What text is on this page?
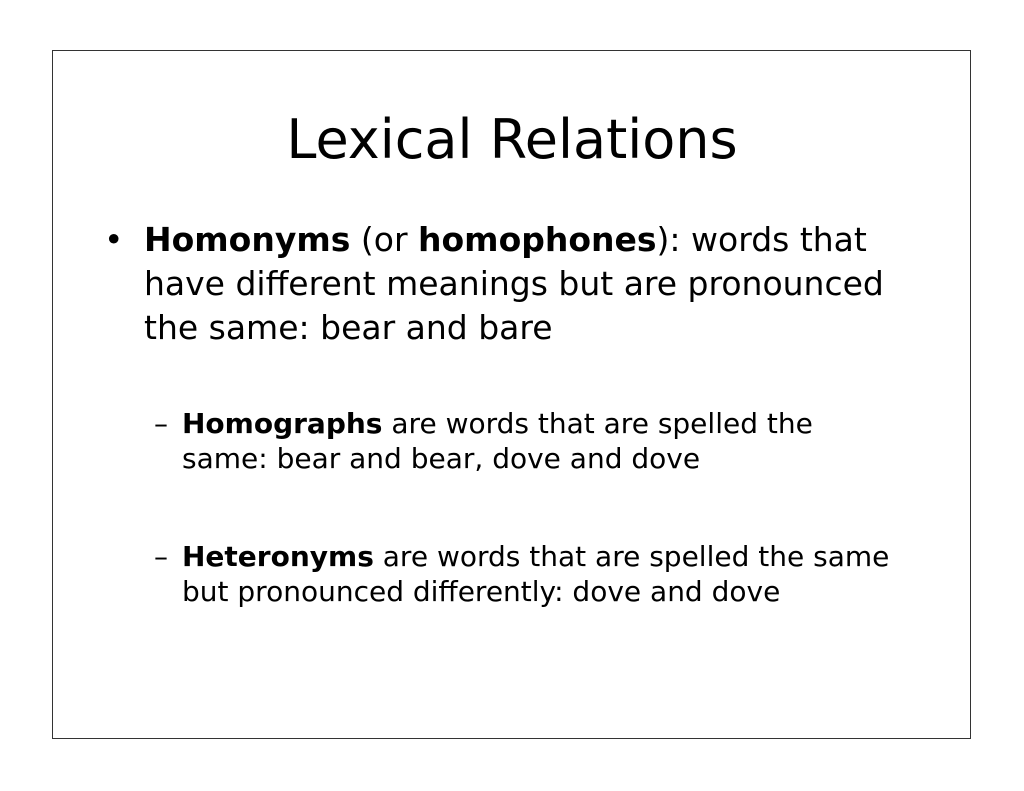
Lexical Relations
• Homonyms (or homophones): words that have different meanings but are pronounced the same: bear and bare
– Homographs are words that are spelled the same: bear and bear, dove and dove
– Heteronyms are words that are spelled the same but pronounced differently: dove and dove
